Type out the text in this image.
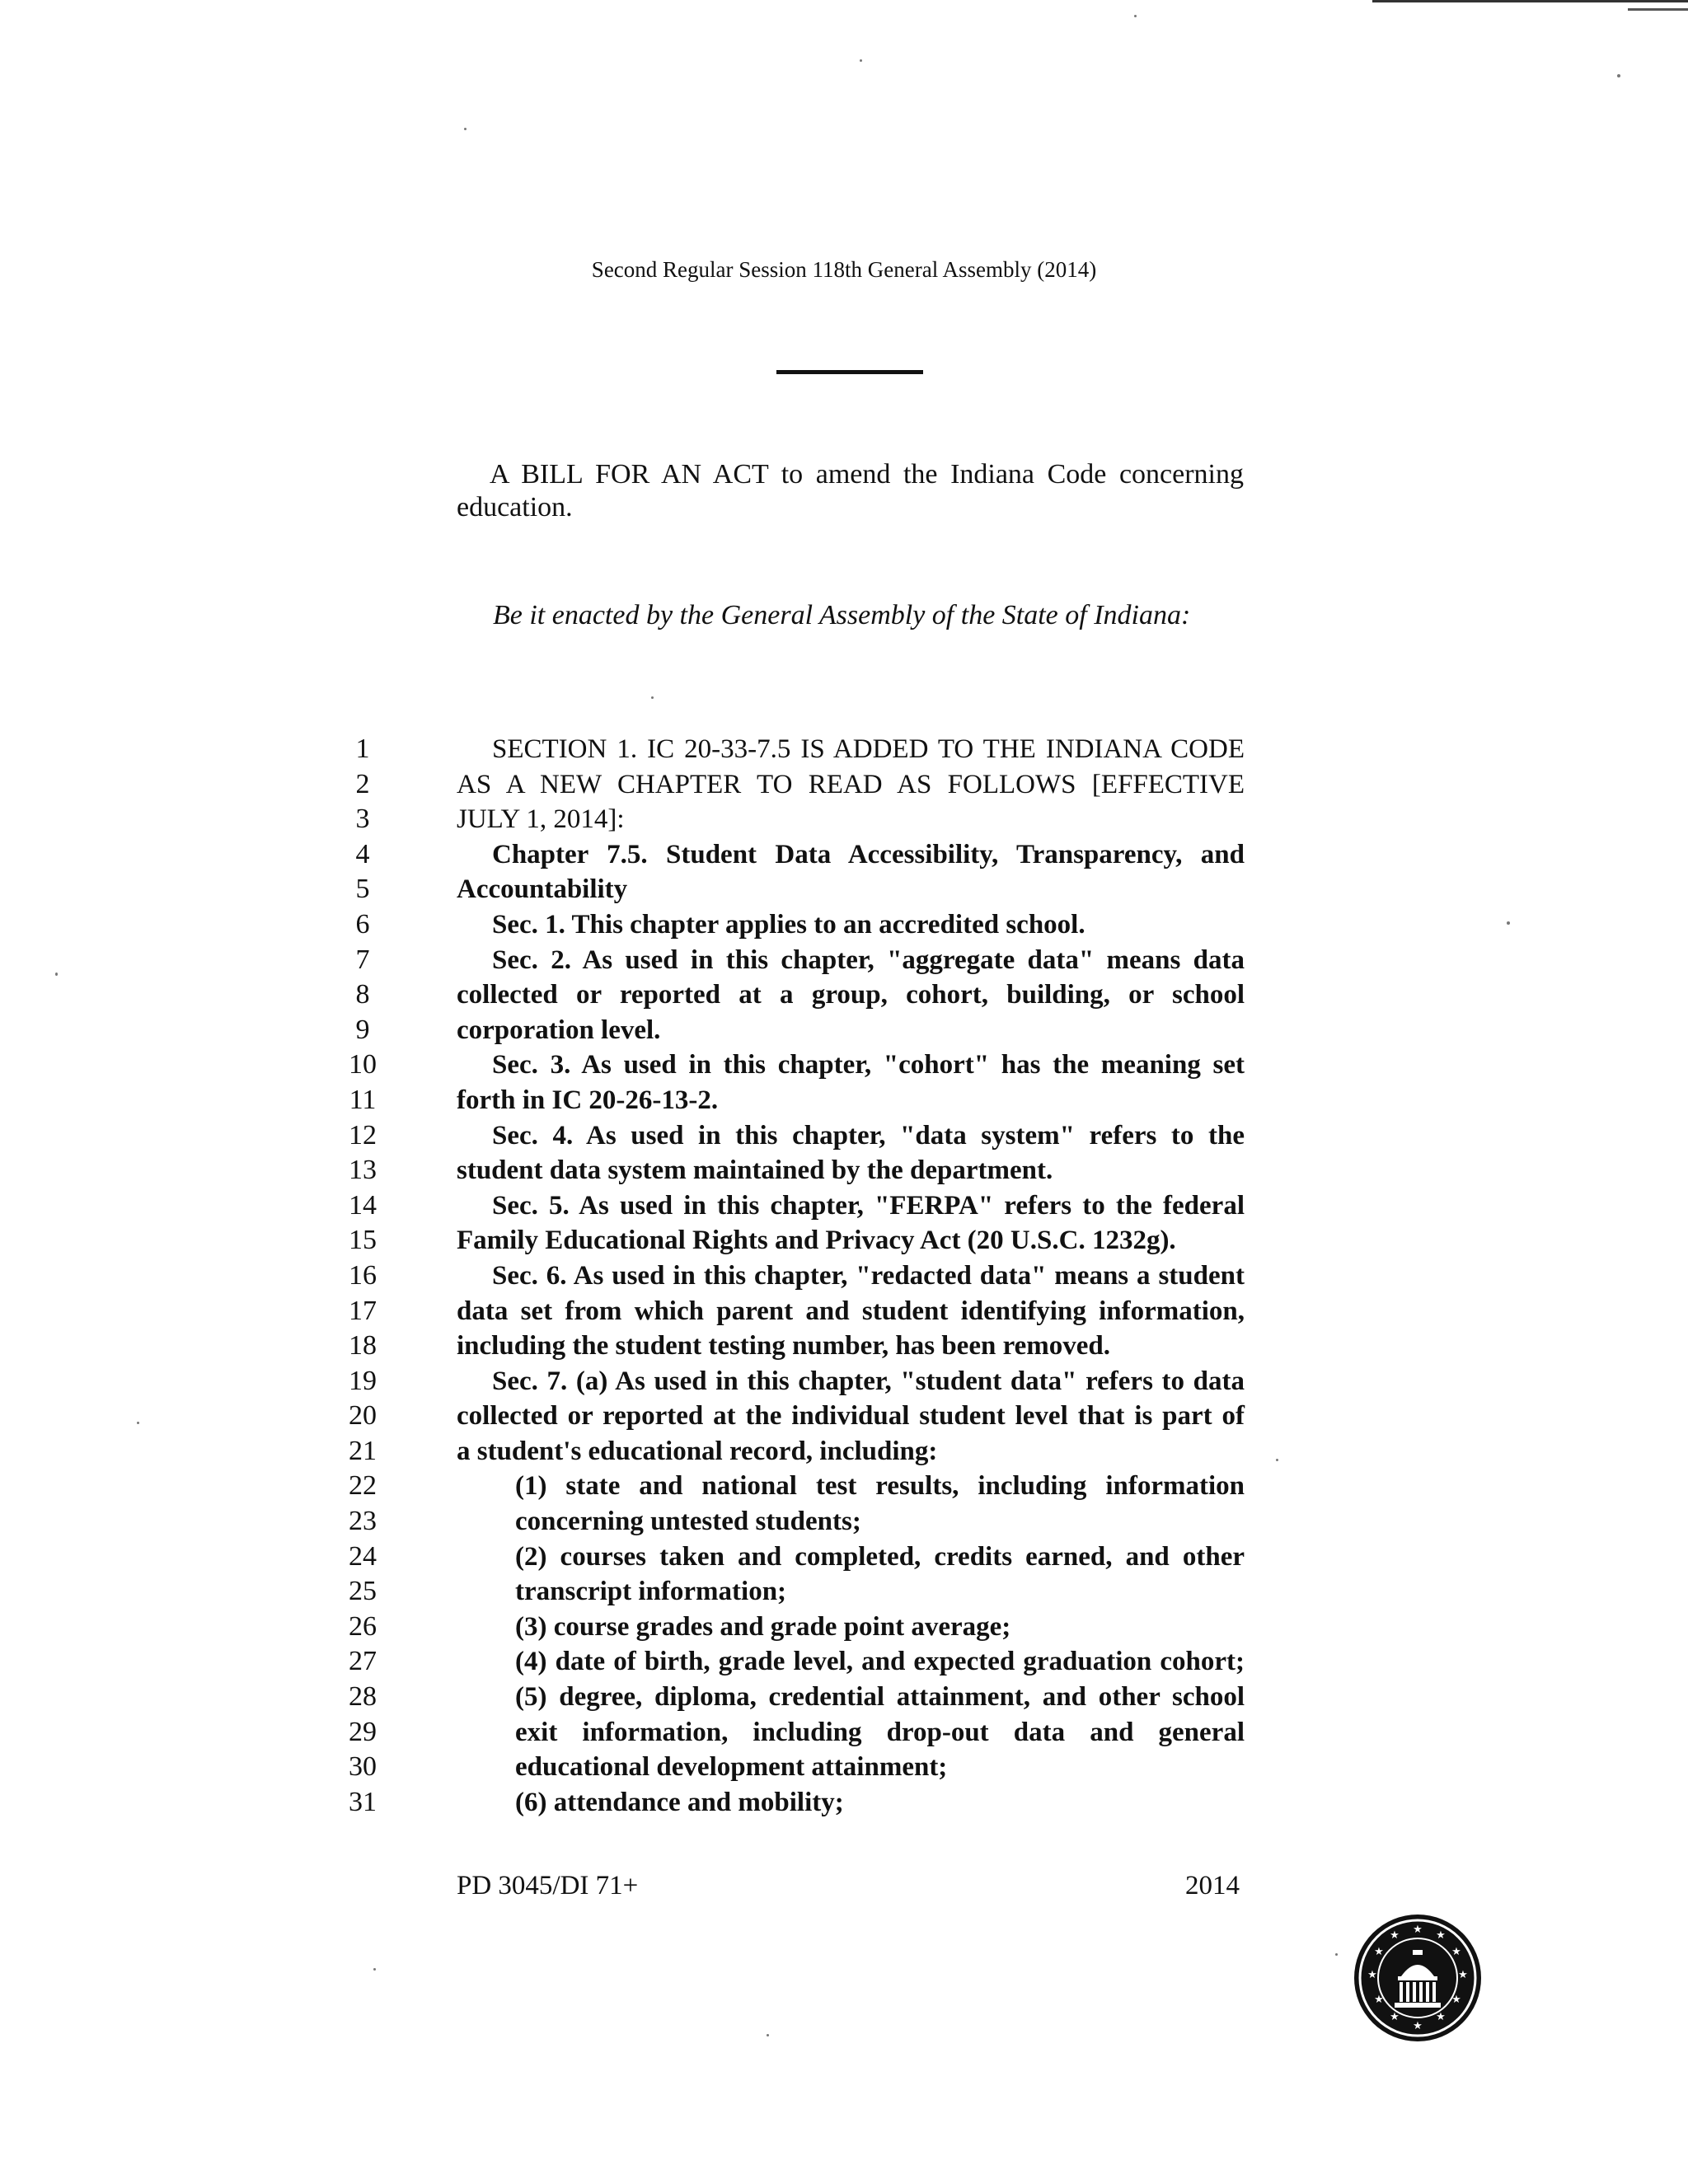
Second Regular Session 118th General Assembly (2014)
A BILL FOR AN ACT to amend the Indiana Code concerning
education.
Be it enacted by the General Assembly of the State of Indiana:
1
2
3
4
5
6
7
8
9
10
11
12
13
14
15
16
17
18
19
20
21
22
23
24
25
26
27
28
29
30
31
SECTION 1. IC 20-33-7.5 IS ADDED TO THE INDIANA CODE
AS A NEW CHAPTER TO READ AS FOLLOWS [EFFECTIVE
JULY 1, 2014]:
Chapter 7.5. Student Data Accessibility, Transparency, and
Accountability
Sec. 1. This chapter applies to an accredited school.
Sec. 2. As used in this chapter, "aggregate data" means data
collected or reported at a group, cohort, building, or school
corporation level.
Sec. 3. As used in this chapter, "cohort" has the meaning set
forth in IC 20-26-13-2.
Sec. 4. As used in this chapter, "data system" refers to the
student data system maintained by the department.
Sec. 5. As used in this chapter, "FERPA" refers to the federal
Family Educational Rights and Privacy Act (20 U.S.C. 1232g).
Sec. 6. As used in this chapter, "redacted data" means a student
data set from which parent and student identifying information,
including the student testing number, has been removed.
Sec. 7. (a) As used in this chapter, "student data" refers to data
collected or reported at the individual student level that is part of
a student's educational record, including:
(1) state and national test results, including information
concerning untested students;
(2) courses taken and completed, credits earned, and other
transcript information;
(3) course grades and grade point average;
(4) date of birth, grade level, and expected graduation cohort;
(5) degree, diploma, credential attainment, and other school
exit information, including drop-out data and general
educational development attainment;
(6) attendance and mobility;
PD 3045/DI 71+	2014
★ ★
★
★
★
★
★
★
★
★
★
★
